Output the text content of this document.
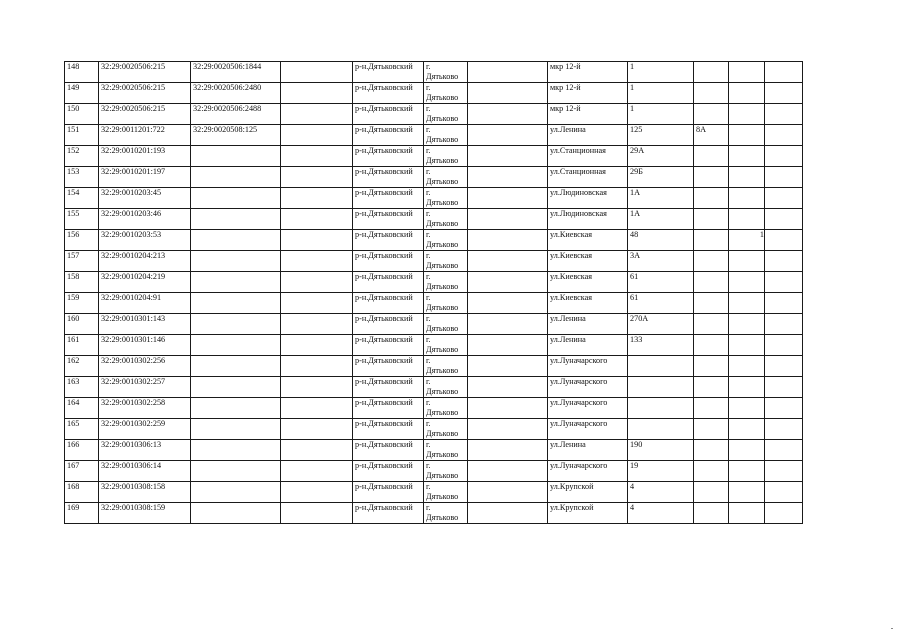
148	32:29:0020506:215	32:29:0020506:1844		р-н.Дятьковский	г.
Дятьково		мкр 12-й	1			
149	32:29:0020506:215	32:29:0020506:2480		р-н.Дятьковский	г.
Дятьково		мкр 12-й	1			
150	32:29:0020506:215	32:29:0020506:2488		р-н.Дятьковский	г.
Дятьково		мкр 12-й	1			
151	32:29:0011201:722	32:29:0020508:125		р-н.Дятьковский	г.
Дятьково		ул.Ленина	125	8А		
152	32:29:0010201:193			р-н.Дятьковский	г.
Дятьково		ул.Станционная	29А			
153	32:29:0010201:197			р-н.Дятьковский	г.
Дятьково		ул.Станционная	29Б			
154	32:29:0010203:45			р-н.Дятьковский	г.
Дятьково		ул.Людиновская	1А			
155	32:29:0010203:46			р-н.Дятьковский	г.
Дятьково		ул.Людиновская	1А			
156	32:29:0010203:53			р-н.Дятьковский	г.
Дятьково		ул.Киевская	48		1	
157	32:29:0010204:213			р-н.Дятьковский	г.
Дятьково		ул.Киевская	3А			
158	32:29:0010204:219			р-н.Дятьковский	г.
Дятьково		ул.Киевская	61			
159	32:29:0010204:91			р-н.Дятьковский	г.
Дятьково		ул.Киевская	61			
160	32:29:0010301:143			р-н.Дятьковский	г.
Дятьково		ул.Ленина	270А			
161	32:29:0010301:146			р-н.Дятьковский	г.
Дятьково		ул.Ленина	133			
162	32:29:0010302:256			р-н.Дятьковский	г.
Дятьково		ул.Луначарского				
163	32:29:0010302:257			р-н.Дятьковский	г.
Дятьково		ул.Луначарского				
164	32:29:0010302:258			р-н.Дятьковский	г.
Дятьково		ул.Луначарского				
165	32:29:0010302:259			р-н.Дятьковский	г.
Дятьково		ул.Луначарского				
166	32:29:0010306:13			р-н.Дятьковский	г.
Дятьково		ул.Ленина	190			
167	32:29:0010306:14			р-н.Дятьковский	г.
Дятьково		ул.Луначарского	19			
168	32:29:0010308:158			р-н.Дятьковский	г.
Дятьково		ул.Крупской	4			
169	32:29:0010308:159			р-н.Дятьковский	г.
Дятьково		ул.Крупской	4			
